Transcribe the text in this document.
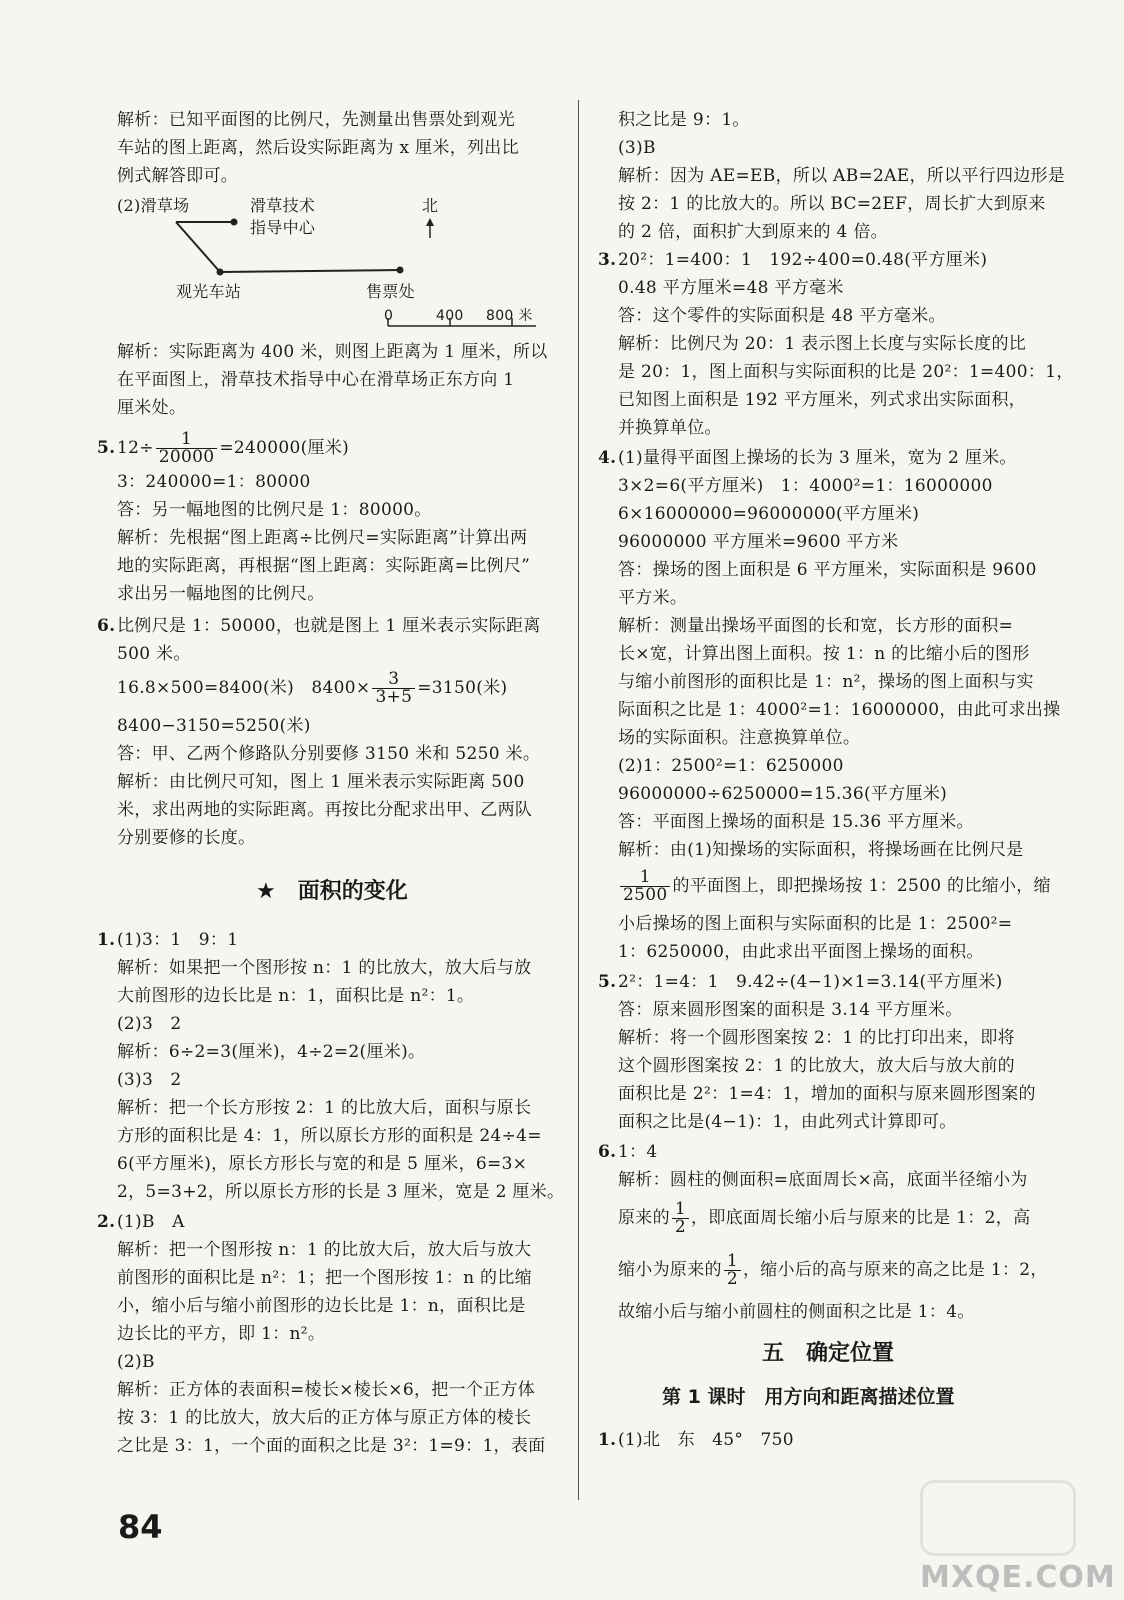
解析：已知平面图的比例尺，先测量出售票处到观光
车站的图上距离，然后设实际距离为 x 厘米，列出比
例式解答即可。
(2)滑草场	滑草技术
指导中心
北
观光车站	售票处
0	400 800 米
解析：实际距离为 400 米，则图上距离为 1 厘米，所以
在平面图上，滑草技术指导中心在滑草场正东方向 1
厘米处。
5. $12\div \frac{1}{20000} =240000$(厘米)
3：240000=1：80000
答：另一幅地图的比例尺是 1：80000。
解析：先根据“图上距离÷比例尺=实际距离”计算出两
地的实际距离，再根据“图上距离：实际距离=比例尺”
求出另一幅地图的比例尺。
6. 比例尺是 1：50000，也就是图上 1 厘米表示实际距离
500 米。
16.8×500=8400(米)　$8400\times \frac{3}{3+5} =3150$(米)
8400−3150=5250(米)
答：甲、乙两个修路队分别要修 3150 米和 5250 米。
解析：由比例尺可知，图上 1 厘米表示实际距离 500
米，求出两地的实际距离。再按比分配求出甲、乙两队
分别要修的长度。
★　面积的变化
1. (1)3：1　9：1
解析：如果把一个图形按 n：1 的比放大，放大后与放
大前图形的边长比是 n：1，面积比是 n²：1。
(2)3　2
解析：6÷2=3(厘米)，4÷2=2(厘米)。
(3)3　2
解析：把一个长方形按 2：1 的比放大后，面积与原长
方形的面积比是 4：1，所以原长方形的面积是 24÷4=
6(平方厘米)，原长方形长与宽的和是 5 厘米，6=3×
2，5=3+2，所以原长方形的长是 3 厘米，宽是 2 厘米。
2. (1)B　A
解析：把一个图形按 n：1 的比放大后，放大后与放大
前图形的面积比是 n²：1；把一个图形按 1：n 的比缩
小，缩小后与缩小前图形的边长比是 1：n，面积比是
边长比的平方，即 1：n²。
(2)B
解析：正方体的表面积=棱长×棱长×6，把一个正方体
按 3：1 的比放大，放大后的正方体与原正方体的棱长
之比是 3：1，一个面的面积之比是 3²：1=9：1，表面
积之比是 9：1。
(3)B
解析：因为 AE=EB，所以 AB=2AE，所以平行四边形是
按 2：1 的比放大的。所以 BC=2EF，周长扩大到原来
的 2 倍，面积扩大到原来的 4 倍。
3. 20²：1=400：1　192÷400=0.48(平方厘米)
0.48 平方厘米=48 平方毫米
答：这个零件的实际面积是 48 平方毫米。
解析：比例尺为 20：1 表示图上长度与实际长度的比
是 20：1，图上面积与实际面积的比是 20²：1=400：1，
已知图上面积是 192 平方厘米，列式求出实际面积，
并换算单位。
4. (1)量得平面图上操场的长为 3 厘米，宽为 2 厘米。
3×2=6(平方厘米)　1：4000²=1：16000000
6×16000000=96000000(平方厘米)
96000000 平方厘米=9600 平方米
答：操场的图上面积是 6 平方厘米，实际面积是 9600
平方米。
解析：测量出操场平面图的长和宽，长方形的面积=
长×宽，计算出图上面积。按 1：n 的比缩小后的图形
与缩小前图形的面积比是 1：n²，操场的图上面积与实
际面积之比是 1：4000²=1：16000000，由此可求出操
场的实际面积。注意换算单位。
(2)1：2500²=1：6250000
96000000÷6250000=15.36(平方厘米)
答：平面图上操场的面积是 15.36 平方厘米。
解析：由(1)知操场的实际面积，将操场画在比例尺是
$\frac{1}{2500}$ 的平面图上，即把操场按 1：2500 的比缩小，缩
小后操场的图上面积与实际面积的比是 1：2500²=
1：6250000，由此求出平面图上操场的面积。
5. 2²：1=4：1　9.42÷(4−1)×1=3.14(平方厘米)
答：原来圆形图案的面积是 3.14 平方厘米。
解析：将一个圆形图案按 2：1 的比打印出来，即将
这个圆形图案按 2：1 的比放大，放大后与放大前的
面积比是 2²：1=4：1，增加的面积与原来圆形图案的
面积之比是(4−1)：1，由此列式计算即可。
6. 1：4
解析：圆柱的侧面积=底面周长×高，底面半径缩小为
原来的 $\frac{1}{2}$ ，即底面周长缩小后与原来的比是 1：2，高
缩小为原来的 $\frac{1}{2}$ ，缩小后的高与原来的高之比是 1：2，
故缩小后与缩小前圆柱的侧面积之比是 1：4。
五　确定位置
第 1 课时　用方向和距离描述位置
1. (1)北　东　45°　750
84
MXQE.COM
